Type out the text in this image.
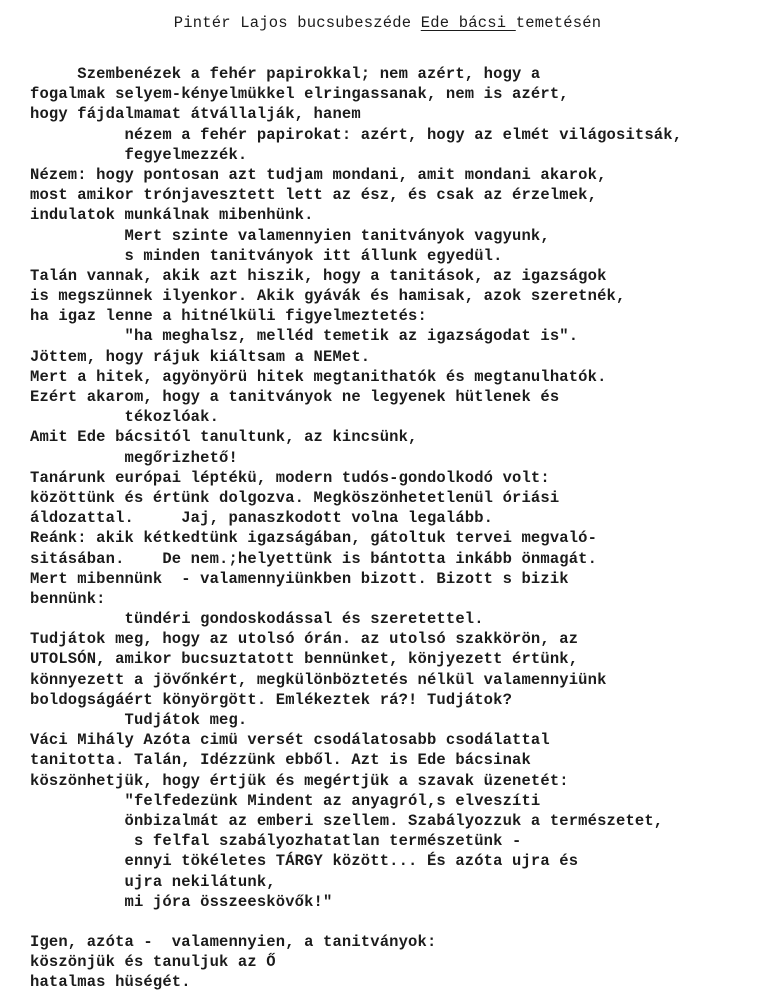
Pintér Lajos bucsubeszéde Ede bácsi temetésén
Szembenézek a fehér papirokkal; nem azért, hogy a
fogalmak selyem-kényelmükkel elringassanak, nem is azért,
hogy fájdalmamat átvállalják, hanem
nézem a fehér papirokat: azért, hogy az elmét világositsák,
fegyelmezzék.
Nézem: hogy pontosan azt tudjam mondani, amit mondani akarok,
most amikor trónjavesztett lett az ész, és csak az érzelmek,
indulatok munkálnak mibenhünk.
Mert szinte valamennyien tanitványok vagyunk,
s minden tanitványok itt állunk egyedül.
Talán vannak, akik azt hiszik, hogy a tanitások, az igazságok
is megszünnek ilyenkor. Akik gyávák és hamisak, azok szeretnék,
ha igaz lenne a hitnélküli figyelmeztetés:
"ha meghalsz, melléd temetik az igazságodat is".
Jöttem, hogy rájuk kiáltsam a NEMet.
Mert a hitek, agyönyörü hitek megtanithatók és megtanulhatók.
Ezért akarom, hogy a tanitványok ne legyenek hütlenek és
tékozlóak.
Amit Ede bácsitól tanultunk, az kincsünk,
megőrizhető!
Tanárunk európai léptékü, modern tudós-gondolkodó volt:
közöttünk és értünk dolgozva. Megköszönhetetlenül óriási
áldozattal.     Jaj, panaszkodott volna legalább.
Reánk: akik kétkedtünk igazságában, gátoltuk tervei megvaló-
sitásában.    De nem.;helyettünk is bántotta inkább önmagát.
Mert mibennünk  - valamennyiünkben bizott. Bizott s bizik
bennünk:
tündéri gondoskodással és szeretettel.
Tudjátok meg, hogy az utolsó órán. az utolsó szakkörön, az
UTOLSÓN, amikor bucsuztatott bennünket, könjyezett értünk,
könnyezett a jövőnkért, megkülönböztetés nélkül valamennyiünk
boldogságáért könyörgött. Emlékeztek rá?! Tudjátok?
Tudjátok meg.
Váci Mihály Azóta cimü versét csodálatosabb csodálattal
tanitotta. Talán, Idézzünk ebből. Azt is Ede bácsinak
köszönhetjük, hogy értjük és megértjük a szavak üzenetét:
"felfedezünk Mindent az anyagról,s elveszíti
önbizalmát az emberi szellem. Szabályozzuk a természetet,
s felfal szabályozhatatlan természetünk -
ennyi tökéletes TÁRGY között... És azóta ujra és
ujra nekilátunk,
mi jóra összeeskövők!"
Igen, azóta -  valamennyien, a tanitványok:
köszönjük és tanuljuk az Ő
hatalmas hüségét.
